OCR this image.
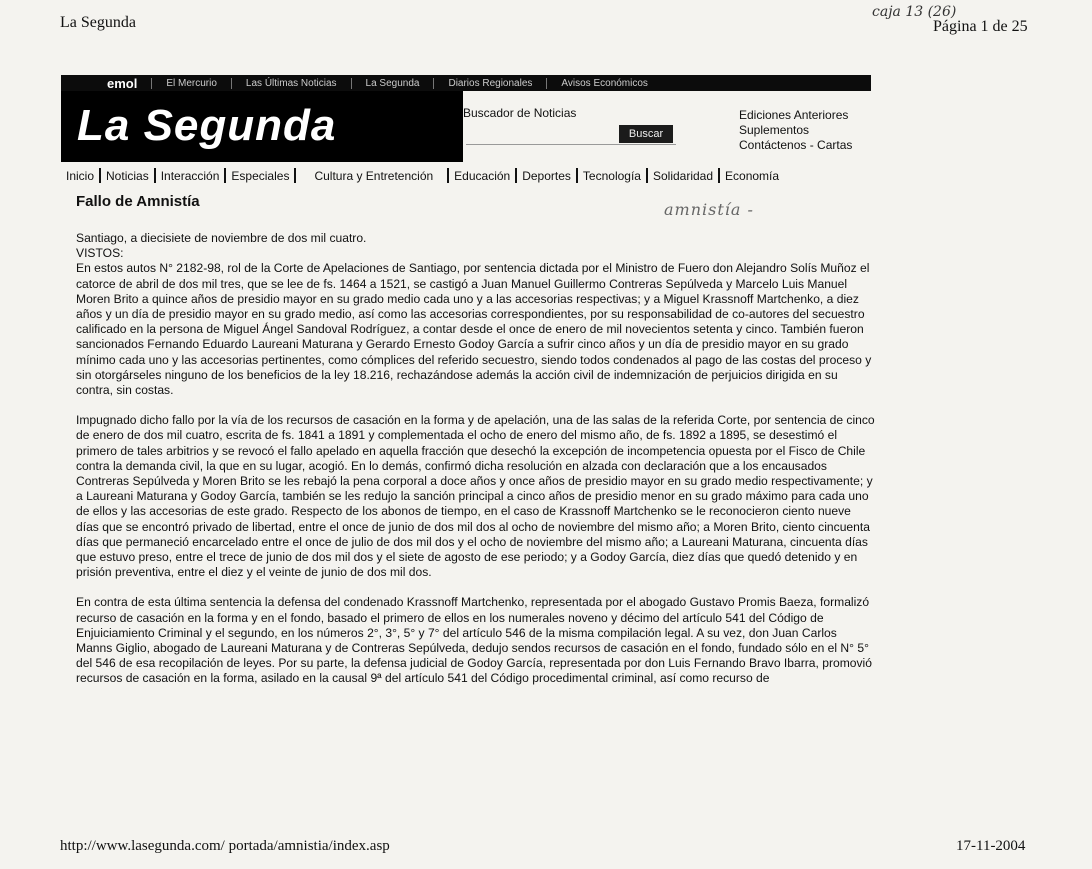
La Segunda	Página 1 de 25
caja 13 (26)
emol	El Mercurio	Las Últimas Noticias	La Segunda	Diarios Regionales	Avisos Económicos
La Segunda	Buscador de Noticias
Buscar
Ediciones Anteriores
Suplementos
Contáctenos - Cartas
Inicio Noticias Interacción Especiales Cultura y Entretención Educación Deportes Tecnología Solidaridad Economía
Fallo de Amnistía	amnistía -

Santiago, a diecisiete de noviembre de dos mil cuatro.

VISTOS:

En estos autos N° 2182-98, rol de la Corte de Apelaciones de Santiago, por sentencia dictada por el Ministro de Fuero don Alejandro Solís Muñoz el catorce de abril de dos mil tres, que se lee de fs. 1464 a 1521, se castigó a Juan Manuel Guillermo Contreras Sepúlveda y Marcelo Luis Manuel Moren Brito a quince años de presidio mayor en su grado medio cada uno y a las accesorias respectivas; y a Miguel Krassnoff Martchenko, a diez años y un día de presidio mayor en su grado medio, así como las accesorias correspondientes, por su responsabilidad de co-autores del secuestro calificado en la persona de Miguel Ángel Sandoval Rodríguez, a contar desde el once de enero de mil novecientos setenta y cinco. También fueron sancionados Fernando Eduardo Laureani Maturana y Gerardo Ernesto Godoy García a sufrir cinco años y un día de presidio mayor en su grado mínimo cada uno y las accesorias pertinentes, como cómplices del referido secuestro, siendo todos condenados al pago de las costas del proceso y sin otorgárseles ninguno de los beneficios de la ley 18.216, rechazándose además la acción civil de indemnización de perjuicios dirigida en su contra, sin costas.

Impugnado dicho fallo por la vía de los recursos de casación en la forma y de apelación, una de las salas de la referida Corte, por sentencia de cinco de enero de dos mil cuatro, escrita de fs. 1841 a 1891 y complementada el ocho de enero del mismo año, de fs. 1892 a 1895, se desestimó el primero de tales arbitrios y se revocó el fallo apelado en aquella fracción que desechó la excepción de incompetencia opuesta por el Fisco de Chile contra la demanda civil, la que en su lugar, acogió. En lo demás, confirmó dicha resolución en alzada con declaración que a los encausados Contreras Sepúlveda y Moren Brito se les rebajó la pena corporal a doce años y once años de presidio mayor en su grado medio respectivamente; y a Laureani Maturana y Godoy García, también se les redujo la sanción principal a cinco años de presidio menor en su grado máximo para cada uno de ellos y las accesorias de este grado. Respecto de los abonos de tiempo, en el caso de Krassnoff Martchenko se le reconocieron ciento nueve días que se encontró privado de libertad, entre el once de junio de dos mil dos al ocho de noviembre del mismo año; a Moren Brito, ciento cincuenta días que permaneció encarcelado entre el once de julio de dos mil dos y el ocho de noviembre del mismo año; a Laureani Maturana, cincuenta días que estuvo preso, entre el trece de junio de dos mil dos y el siete de agosto de ese periodo; y a Godoy García, diez días que quedó detenido y en prisión preventiva, entre el diez y el veinte de junio de dos mil dos.

En contra de esta última sentencia la defensa del condenado Krassnoff Martchenko, representada por el abogado Gustavo Promis Baeza, formalizó recurso de casación en la forma y en el fondo, basado el primero de ellos en los numerales noveno y décimo del artículo 541 del Código de Enjuiciamiento Criminal y el segundo, en los números 2°, 3°, 5° y 7° del artículo 546 de la misma compilación legal. A su vez, don Juan Carlos Manns Giglio, abogado de Laureani Maturana y de Contreras Sepúlveda, dedujo sendos recursos de casación en el fondo, fundado sólo en el N° 5° del 546 de esa recopilación de leyes. Por su parte, la defensa judicial de Godoy García, representada por don Luis Fernando Bravo Ibarra, promovió recursos de casación en la forma, asilado en la causal 9ª del artículo 541 del Código procedimental criminal, así como recurso de

http://www.lasegunda.com/ portada/amnistia/index.asp	17-11-2004
